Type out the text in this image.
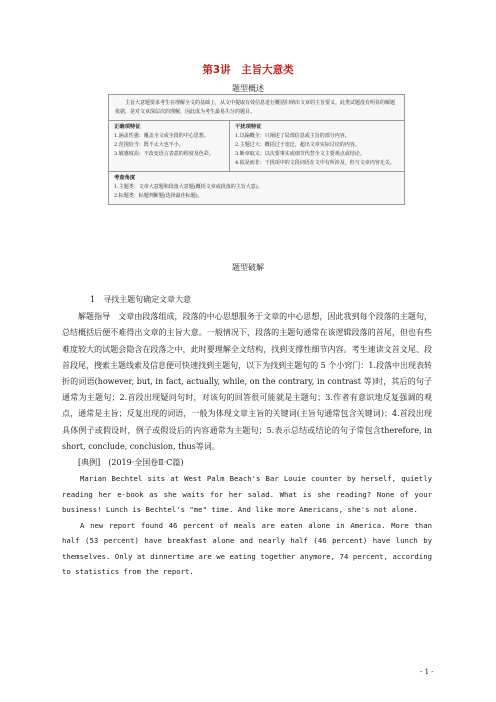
第3讲　主旨大意类
题型概述
主旨大意题要求考生在理解全文的基础上，从文中提取有效信息进行概括归纳出文章的主旨要义。此类试题没有明显的解题依据，是对文章深层次的理解，因此成为考生最易失分的题目。
正确项特征

1.涵盖性强：覆盖全文或全段的中心思想。

2.范围恰当：既不太大也不小。

3.敏感度高：不改变语言表意的程度及色彩。

干扰项特征

1.以偏概全：只阐述了局部信息或主旨的部分内容。

2.主题过大：概括过于宽泛，超出文章实际讨论的内容。

3.断章取义：以次要事实或细节代替全文主要观点或结论。

4.似是而非：干扰项中的文段词语在文中有所涉及，但与文章内容无关。

考查角度

1.主题类：文章大意题和段落大意题(概括文章或段落的主旨大意)。

2.标题类：标题判断题(选择最佳标题)。

题型破解

1　寻找主题句确定文章大意

解题指导　文章由段落组成，段落的中心思想服务于文章的中心思想，因此我到每个段落的主题句，总结概括后便不难得出文章的主旨大意。一般情况下，段落的主题句通常在该逻辑段落的首尾，但也有些难度较大的试题会隐含在段落之中，此时要理解全文结构，找到支撑性细节内容。考生速读文首文尾、段首段尾，搜索主题线索及信息便可快速找到主题句，以下为找到主题句的 5 个小窍门：1.段落中出现表转折的词语(however, but, in fact, actually, while, on the contrary, in contrast 等)时，其后的句子通常为主题句；2.首段出现疑问句时，对该句的回答很可能就是主题句；3.作者有意识地反复强调的观点，通常是主旨；反复出现的词语，一般为体现文章主旨的关键词(主旨句通常包含关键词)；4.首段出现具体例子或假设时，例子或假设后的内容通常为主题句；5.表示总结或结论的句子常包含therefore, in short, conclude, conclusion, thus等词。

[典例]　(2019·全国卷Ⅱ·C篇)

Marian Bechtel sits at West Palm Beach's Bar Louie counter by herself, quietly reading her e-book as she waits for her salad. What is she reading? None of your business! Lunch is Bechtel's "me" time. And like more Americans, she's not alone.

A new report found 46 percent of meals are eaten alone in America. More than half (53 percent) have breakfast alone and nearly half (46 percent) have lunch by themselves. Only at dinnertime are we eating together anymore, 74 percent, according to statistics from the report.

- 1 -
